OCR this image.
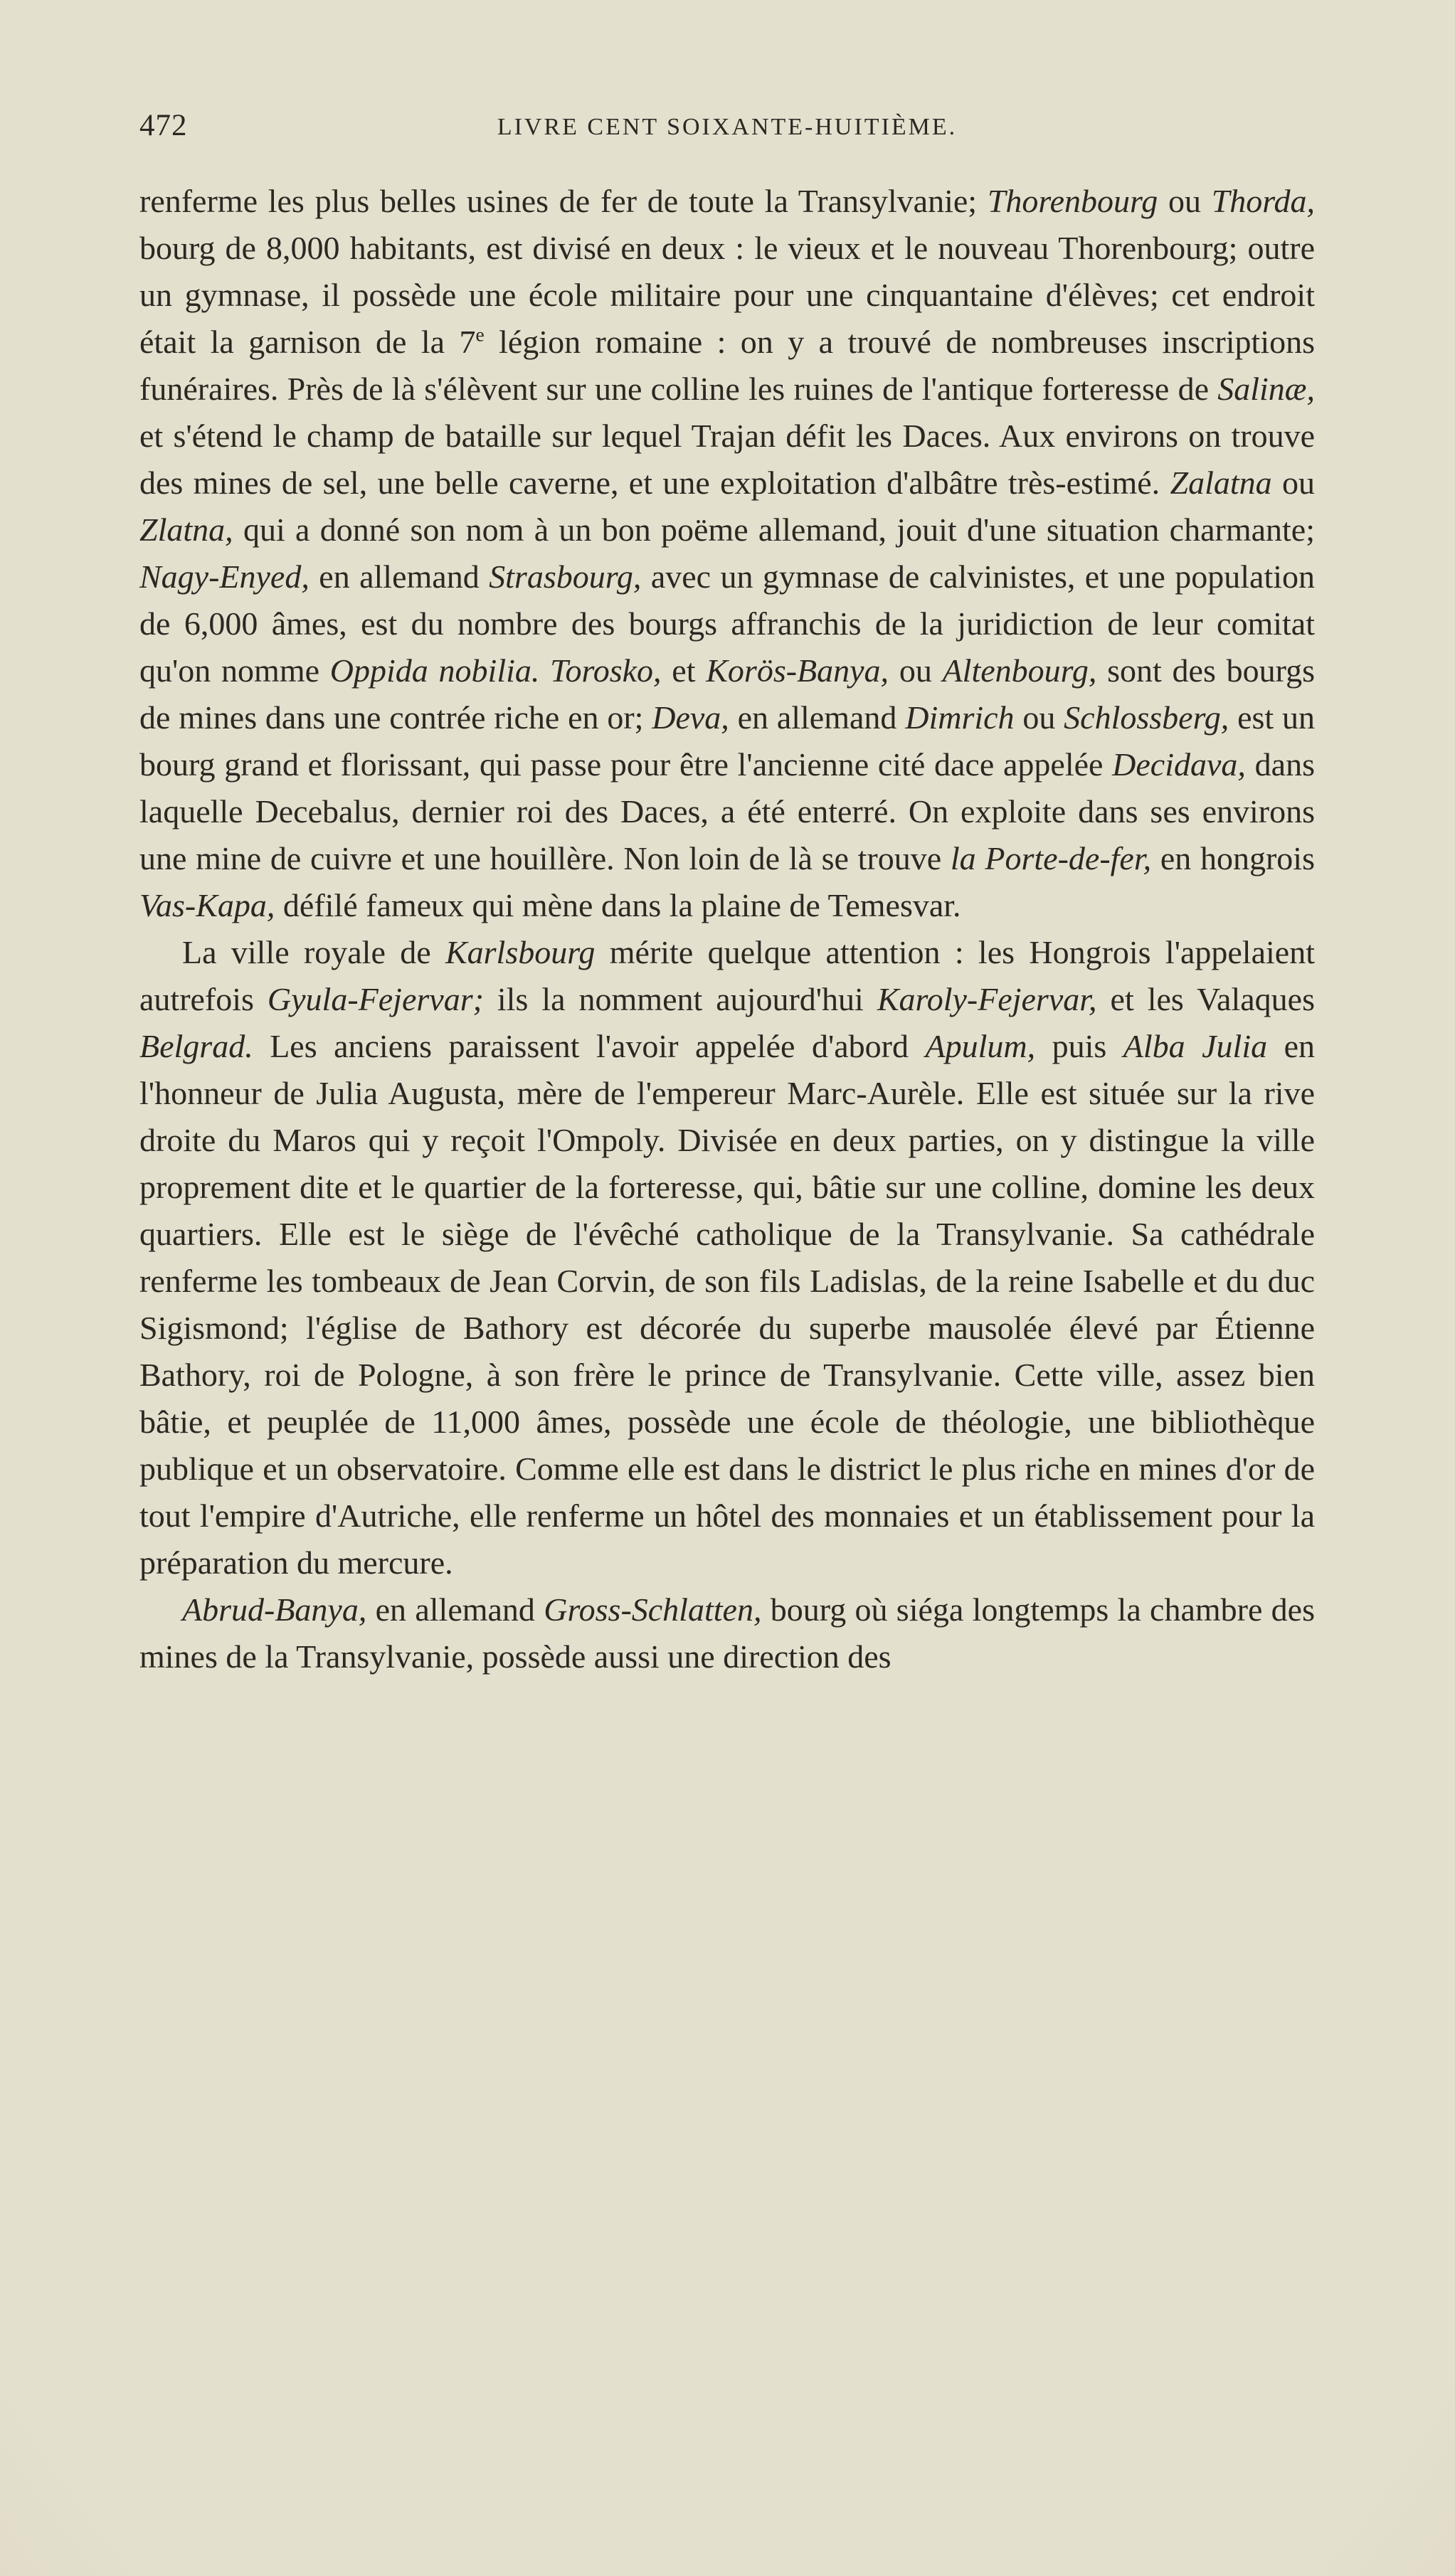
472	LIVRE CENT SOIXANTE-HUITIÈME.

renferme les plus belles usines de fer de toute la Transylvanie; Thorenbourg ou Thorda, bourg de 8,000 habitants, est divisé en deux : le vieux et le nouveau Thorenbourg; outre un gymnase, il possède une école militaire pour une cinquantaine d'élèves; cet endroit était la garnison de la 7e légion romaine : on y a trouvé de nombreuses inscriptions funéraires. Près de là s'élèvent sur une colline les ruines de l'antique forteresse de Salinæ, et s'étend le champ de bataille sur lequel Trajan défit les Daces. Aux environs on trouve des mines de sel, une belle caverne, et une exploitation d'albâtre très-estimé. Zalatna ou Zlatna, qui a donné son nom à un bon poëme allemand, jouit d'une situation charmante; Nagy-Enyed, en allemand Strasbourg, avec un gymnase de calvinistes, et une population de 6,000 âmes, est du nombre des bourgs affranchis de la juridiction de leur comitat qu'on nomme Oppida nobilia. Torosko, et Korös-Banya, ou Altenbourg, sont des bourgs de mines dans une contrée riche en or; Deva, en allemand Dimrich ou Schlossberg, est un bourg grand et florissant, qui passe pour être l'ancienne cité dace appelée Decidava, dans laquelle Decebalus, dernier roi des Daces, a été enterré. On exploite dans ses environs une mine de cuivre et une houillère. Non loin de là se trouve la Porte-de-fer, en hongrois Vas-Kapa, défilé fameux qui mène dans la plaine de Temesvar.

La ville royale de Karlsbourg mérite quelque attention : les Hongrois l'appelaient autrefois Gyula-Fejervar; ils la nomment aujourd'hui Karoly-Fejervar, et les Valaques Belgrad. Les anciens paraissent l'avoir appelée d'abord Apulum, puis Alba Julia en l'honneur de Julia Augusta, mère de l'empereur Marc-Aurèle. Elle est située sur la rive droite du Maros qui y reçoit l'Ompoly. Divisée en deux parties, on y distingue la ville proprement dite et le quartier de la forteresse, qui, bâtie sur une colline, domine les deux quartiers. Elle est le siège de l'évêché catholique de la Transylvanie. Sa cathédrale renferme les tombeaux de Jean Corvin, de son fils Ladislas, de la reine Isabelle et du duc Sigismond; l'église de Bathory est décorée du superbe mausolée élevé par Étienne Bathory, roi de Pologne, à son frère le prince de Transylvanie. Cette ville, assez bien bâtie, et peuplée de 11,000 âmes, possède une école de théologie, une bibliothèque publique et un observatoire. Comme elle est dans le district le plus riche en mines d'or de tout l'empire d'Autriche, elle renferme un hôtel des monnaies et un établissement pour la préparation du mercure.

Abrud-Banya, en allemand Gross-Schlatten, bourg où siéga longtemps la chambre des mines de la Transylvanie, possède aussi une direction des
